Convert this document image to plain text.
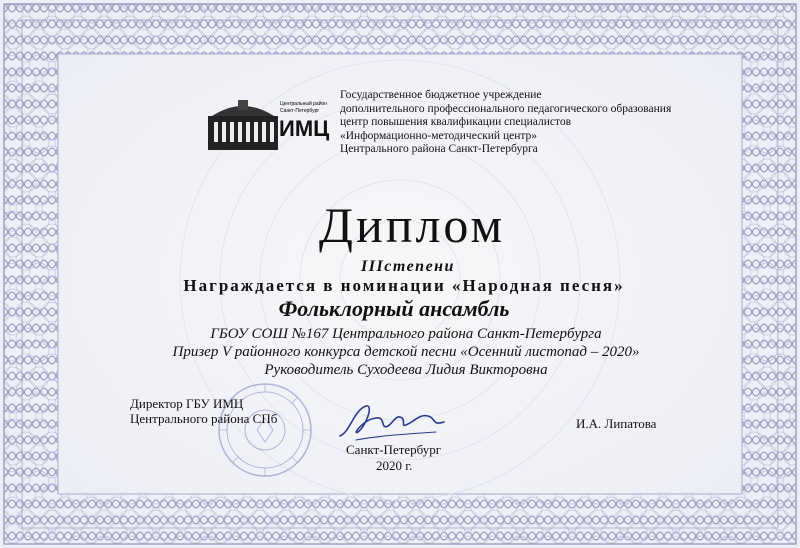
Центральный район
Санкт-Петербург
ИМЦ
Государственное бюджетное учреждение
дополнительного профессионального педагогического образования
центр повышения квалификации специалистов
«Информационно-методический центр»
Центрального района Санкт-Петербурга
Диплом
IIIстепени
Награждается в номинации «Народная песня»
Фольклорный ансамбль
ГБОУ СОШ №167 Центрального района Санкт-Петербурга
Призер V районного конкурса детской песни «Осенний листопад – 2020»
Руководитель Суходеева Лидия Викторовна
Директор ГБУ ИМЦ
Центрального района СПб	И.А. Липатова
Санкт-Петербург
2020 г.
